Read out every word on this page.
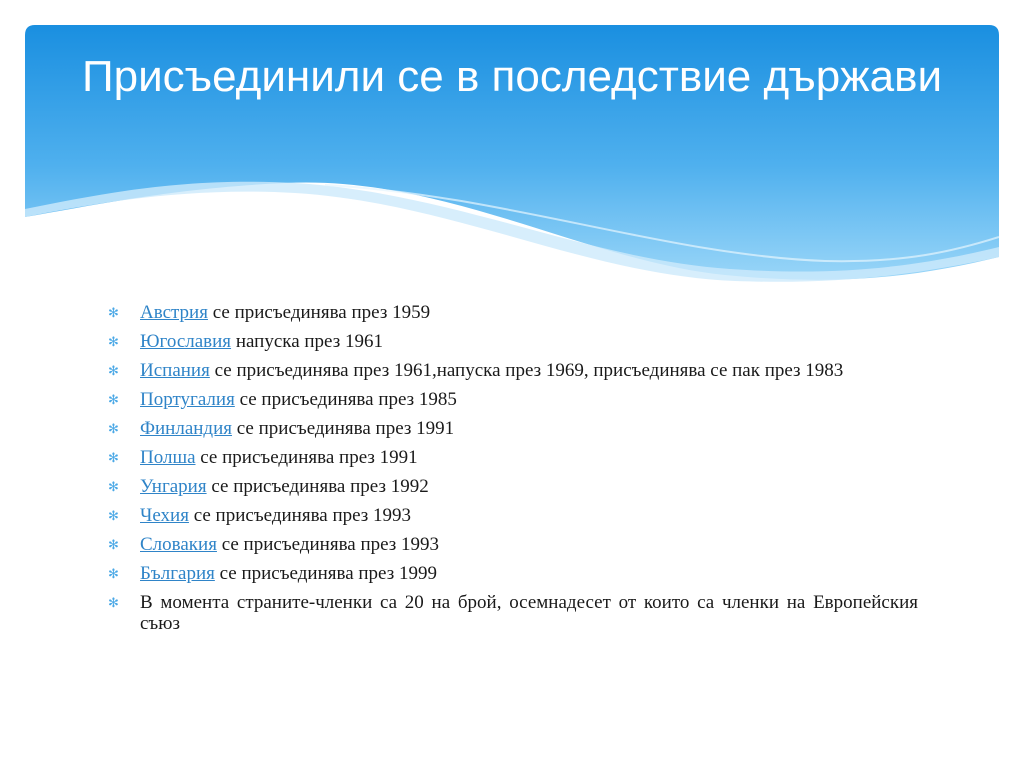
Присъединили се в последствие държави
✻ Австрия се присъединява през 1959
✻ Югославия напуска през 1961
✻ Испания се присъединява през 1961,напуска през 1969, присъединява се пак през 1983
✻ Португалия се присъединява през 1985
✻ Финландия се присъединява през 1991
✻ Полша се присъединява през 1991
✻ Унгария се присъединява през 1992
✻ Чехия се присъединява през 1993
✻ Словакия се присъединява през 1993
✻ България се присъединява през 1999
✻ В момента страните-членки са 20 на брой, осемнадесет от които са членки на Европейския съюз
